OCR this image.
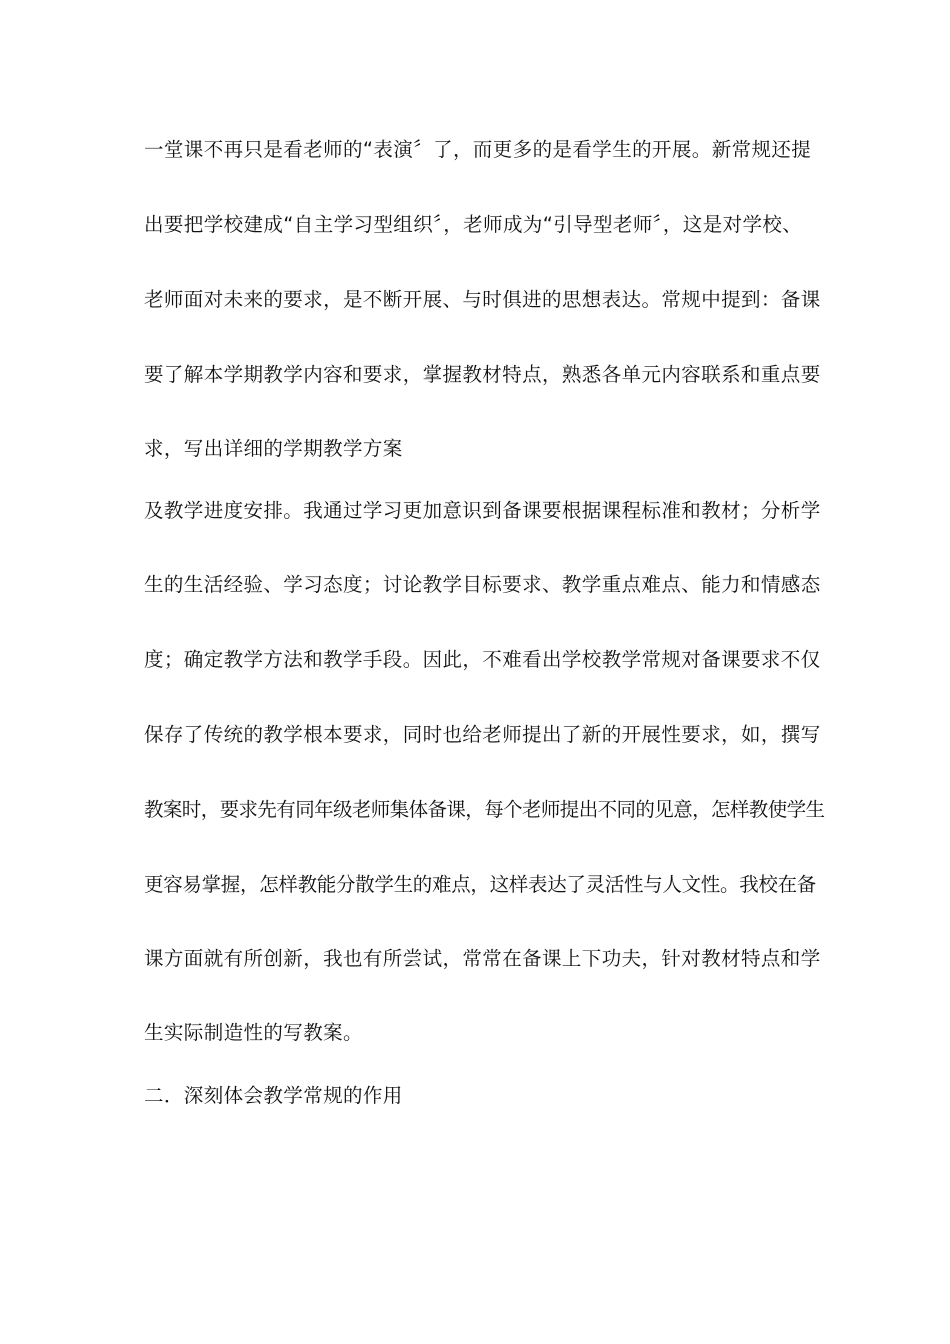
一堂课不再只是看老师的“表演〞了，而更多的是看学生的开展。新常规还提
出要把学校建成“自主学习型组织〞，老师成为“引导型老师〞，这是对学校、
老师面对未来的要求，是不断开展、与时俱进的思想表达。常规中提到：备课
要了解本学期教学内容和要求，掌握教材特点，熟悉各单元内容联系和重点要
求，写出详细的学期教学方案
及教学进度安排。我通过学习更加意识到备课要根据课程标准和教材；分析学
生的生活经验、学习态度；讨论教学目标要求、教学重点难点、能力和情感态
度；确定教学方法和教学手段。因此，不难看出学校教学常规对备课要求不仅
保存了传统的教学根本要求，同时也给老师提出了新的开展性要求，如，撰写
教案时，要求先有同年级老师集体备课，每个老师提出不同的见意，怎样教使学生
更容易掌握，怎样教能分散学生的难点，这样表达了灵活性与人文性。我校在备
课方面就有所创新，我也有所尝试，常常在备课上下功夫，针对教材特点和学
生实际制造性的写教案。
二．深刻体会教学常规的作用
